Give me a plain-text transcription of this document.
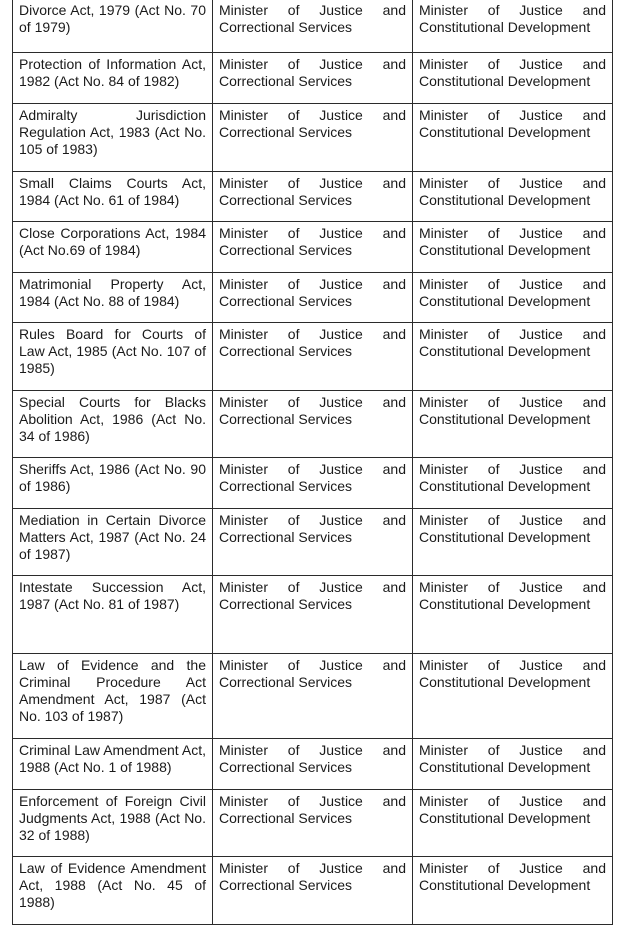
Divorce Act, 1979 (Act No. 70 of 1979)	Minister of Justice and Correctional Services	Minister of Justice and Constitutional Development
Protection of Information Act, 1982 (Act No. 84 of 1982)	Minister of Justice and Correctional Services	Minister of Justice and Constitutional Development
Admiralty Jurisdiction Regulation Act, 1983 (Act No. 105 of 1983)	Minister of Justice and Correctional Services	Minister of Justice and Constitutional Development
Small Claims Courts Act, 1984 (Act No. 61 of 1984)	Minister of Justice and Correctional Services	Minister of Justice and Constitutional Development
Close Corporations Act, 1984 (Act No.69 of 1984)	Minister of Justice and Correctional Services	Minister of Justice and Constitutional Development
Matrimonial Property Act, 1984 (Act No. 88 of 1984)	Minister of Justice and Correctional Services	Minister of Justice and Constitutional Development
Rules Board for Courts of Law Act, 1985 (Act No. 107 of 1985)	Minister of Justice and Correctional Services	Minister of Justice and Constitutional Development
Special Courts for Blacks Abolition Act, 1986 (Act No. 34 of 1986)	Minister of Justice and Correctional Services	Minister of Justice and Constitutional Development
Sheriffs Act, 1986 (Act No. 90 of 1986)	Minister of Justice and Correctional Services	Minister of Justice and Constitutional Development
Mediation in Certain Divorce Matters Act, 1987 (Act No. 24 of 1987)	Minister of Justice and Correctional Services	Minister of Justice and Constitutional Development
Intestate Succession Act, 1987 (Act No. 81 of 1987)	Minister of Justice and Correctional Services	Minister of Justice and Constitutional Development
Law of Evidence and the Criminal Procedure Act Amendment Act, 1987 (Act No. 103 of 1987)	Minister of Justice and Correctional Services	Minister of Justice and Constitutional Development
Criminal Law Amendment Act, 1988 (Act No. 1 of 1988)	Minister of Justice and Correctional Services	Minister of Justice and Constitutional Development
Enforcement of Foreign Civil Judgments Act, 1988 (Act No. 32 of 1988)	Minister of Justice and Correctional Services	Minister of Justice and Constitutional Development
Law of Evidence Amendment Act, 1988 (Act No. 45 of 1988)	Minister of Justice and Correctional Services	Minister of Justice and Constitutional Development
